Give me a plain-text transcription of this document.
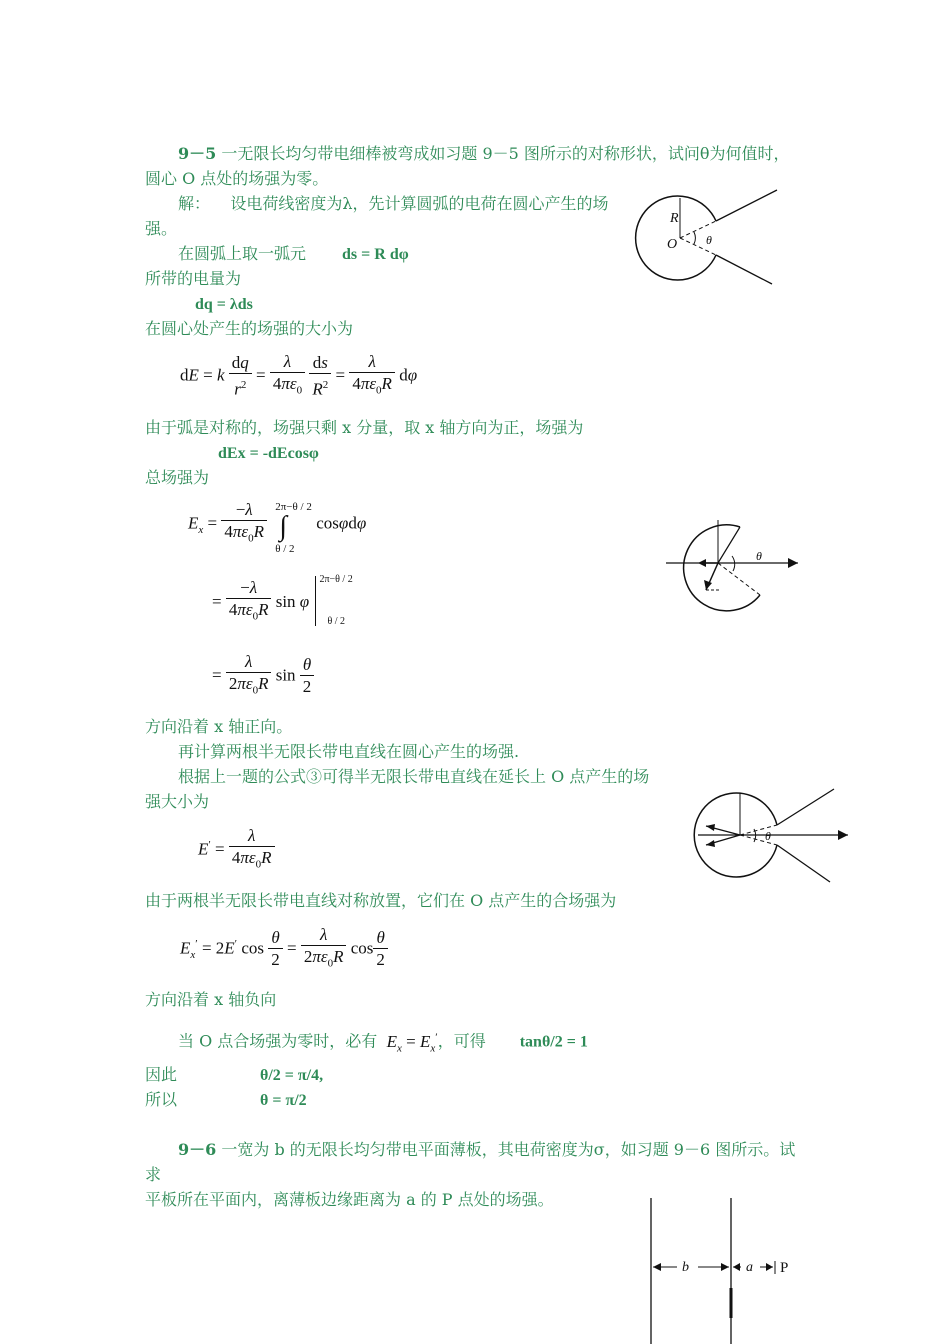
9－5 一无限长均匀带电细棒被弯成如习题 9－5 图所示的对称形状，试问θ为何值时，
圆心 O 点处的场强为零。
解： 设电荷线密度为λ，先计算圆弧的电荷在圆心产生的场
强。
在圆弧上取一弧元 ds = R dφ
所带的电量为
dq = λds
在圆心处产生的场强的大小为
dE = k $\frac{dq}{r^2} = \frac{\lambda}{4\pi\varepsilon_0}$
$\frac{ds}{R^2} = \frac{\lambda}{4\pi\varepsilon_0R}$ dφ
由于弧是对称的，场强只剩 x 分量，取 x 轴方向为正，场强为
dEx = -dEcosφ
总场强为
$E_x = \frac{-\lambda}{4\pi\varepsilon_0R}$
2π−θ / 2
∫
θ / 2
cosφdφ
= $\frac{-\lambda}{4\pi\varepsilon_0R}$ sin φ
2π−θ / 2
θ / 2
= $\frac{\lambda}{2\pi\varepsilon_0R}$ $\sin \frac{\theta}{2}$
方向沿着 x 轴正向。
再计算两根半无限长带电直线在圆心产生的场强.
根据上一题的公式③可得半无限长带电直线在延长上 O 点产生的场
强大小为
$E' = \frac{\lambda}{4\pi\varepsilon_0R}$
由于两根半无限长带电直线对称放置，它们在 O 点产生的合场强为
$E_x' = 2E'$ $\cos \frac{\theta}{2} = \frac{\lambda}{2\pi\varepsilon_0R}$ $\cos \frac{\theta}{2}$
方向沿着 x 轴负向
当 O 点合场强为零时，必有 $E_x = E_x'$，可得 tanθ/2 = 1
因此	θ/2 = π/4,
所以	θ = π/2
9－6 一宽为 b 的无限长均匀带电平面薄板，其电荷密度为σ，如习题 9－6 图所示。试
求
平板所在平面内，离薄板边缘距离为 a 的 P 点处的场强。
R
O θ
θ
θ
b	a P
